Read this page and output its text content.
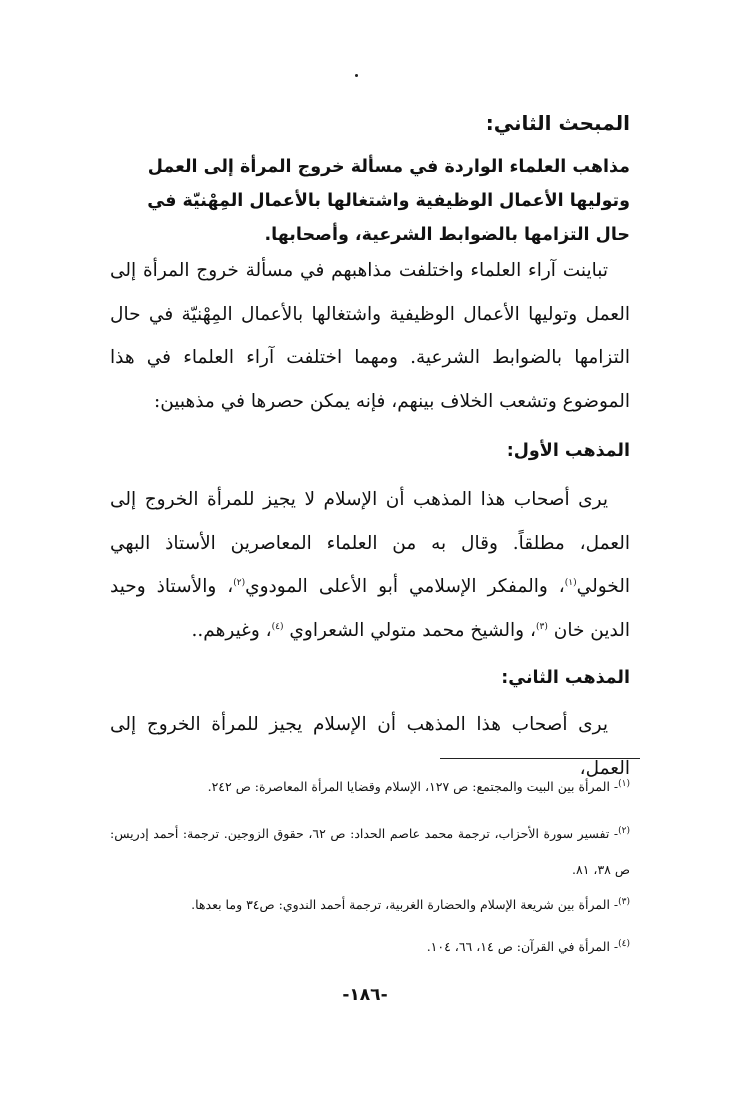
المبحث الثاني:
مذاهب العلماء الواردة في مسألة خروج المرأة إلى العمل وتوليها الأعمال الوظيفية واشتغالها بالأعمال المِهْنيّة في حال التزامها بالضوابط الشرعية، وأصحابها.
تباينت آراء العلماء واختلفت مذاهبهم في مسألة خروج المرأة إلى العمل وتوليها الأعمال الوظيفية واشتغالها بالأعمال المِهْنيّة في حال التزامها بالضوابط الشرعية. ومهما اختلفت آراء العلماء في هذا الموضوع وتشعب الخلاف بينهم، فإنه يمكن حصرها في مذهبين:
المذهب الأول:
يرى أصحاب هذا المذهب أن الإسلام لا يجيز للمرأة الخروج إلى العمل، مطلقاً. وقال به من العلماء المعاصرين الأستاذ البهي الخولي$^{(١)}$، والمفكر الإسلامي أبو الأعلى المودوي$^{(٢)}$، والأستاذ وحيد الدين خان $^{(٣)}$، والشيخ محمد متولي الشعراوي $^{(٤)}$، وغيرهم..
المذهب الثاني:
يرى أصحاب هذا المذهب أن الإسلام يجيز للمرأة الخروج إلى العمل،
$^{(١)}$- المرأة بين البيت والمجتمع: ص ١٢٧، الإسلام وقضايا المرأة المعاصرة: ص ٢٤٢.
$^{(٢)}$- تفسير سورة الأحزاب، ترجمة محمد عاصم الحداد: ص ٦٢، حقوق الزوجين. ترجمة: أحمد إدريس: ص ٣٨، ٨١.
$^{(٣)}$- المرأة بين شريعة الإسلام والحضارة الغربية، ترجمة أحمد الندوي: ص٣٤ وما بعدها.
$^{(٤)}$- المرأة في القرآن: ص ١٤، ٦٦، ١٠٤.
-١٨٦-
